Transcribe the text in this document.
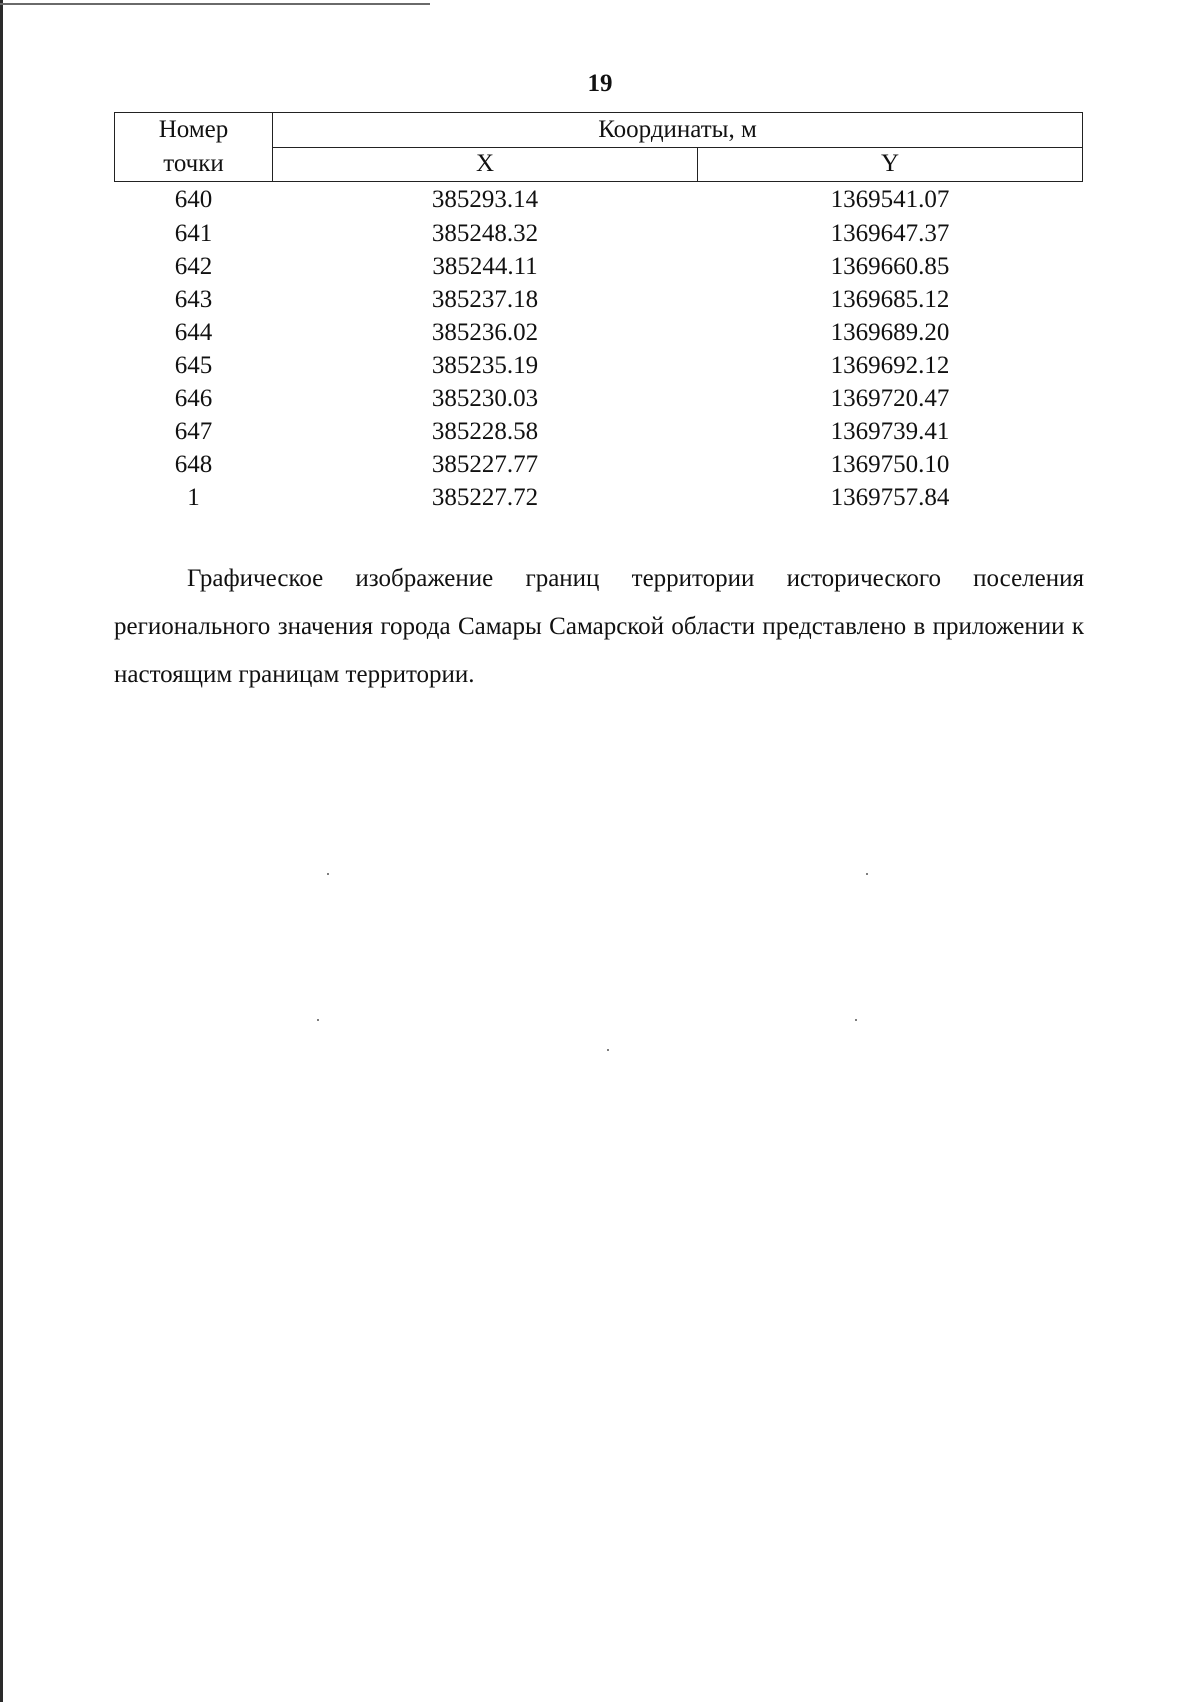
19
Номер
точки	Координаты, м	
	X	Y
640	385293.14	1369541.07
641	385248.32	1369647.37
642	385244.11	1369660.85
643	385237.18	1369685.12
644	385236.02	1369689.20
645	385235.19	1369692.12
646	385230.03	1369720.47
647	385228.58	1369739.41
648	385227.77	1369750.10
1	385227.72	1369757.84

Графическое изображение границ территории исторического поселения регионального значения города Самары Самарской области представлено в приложении к настоящим границам территории.
